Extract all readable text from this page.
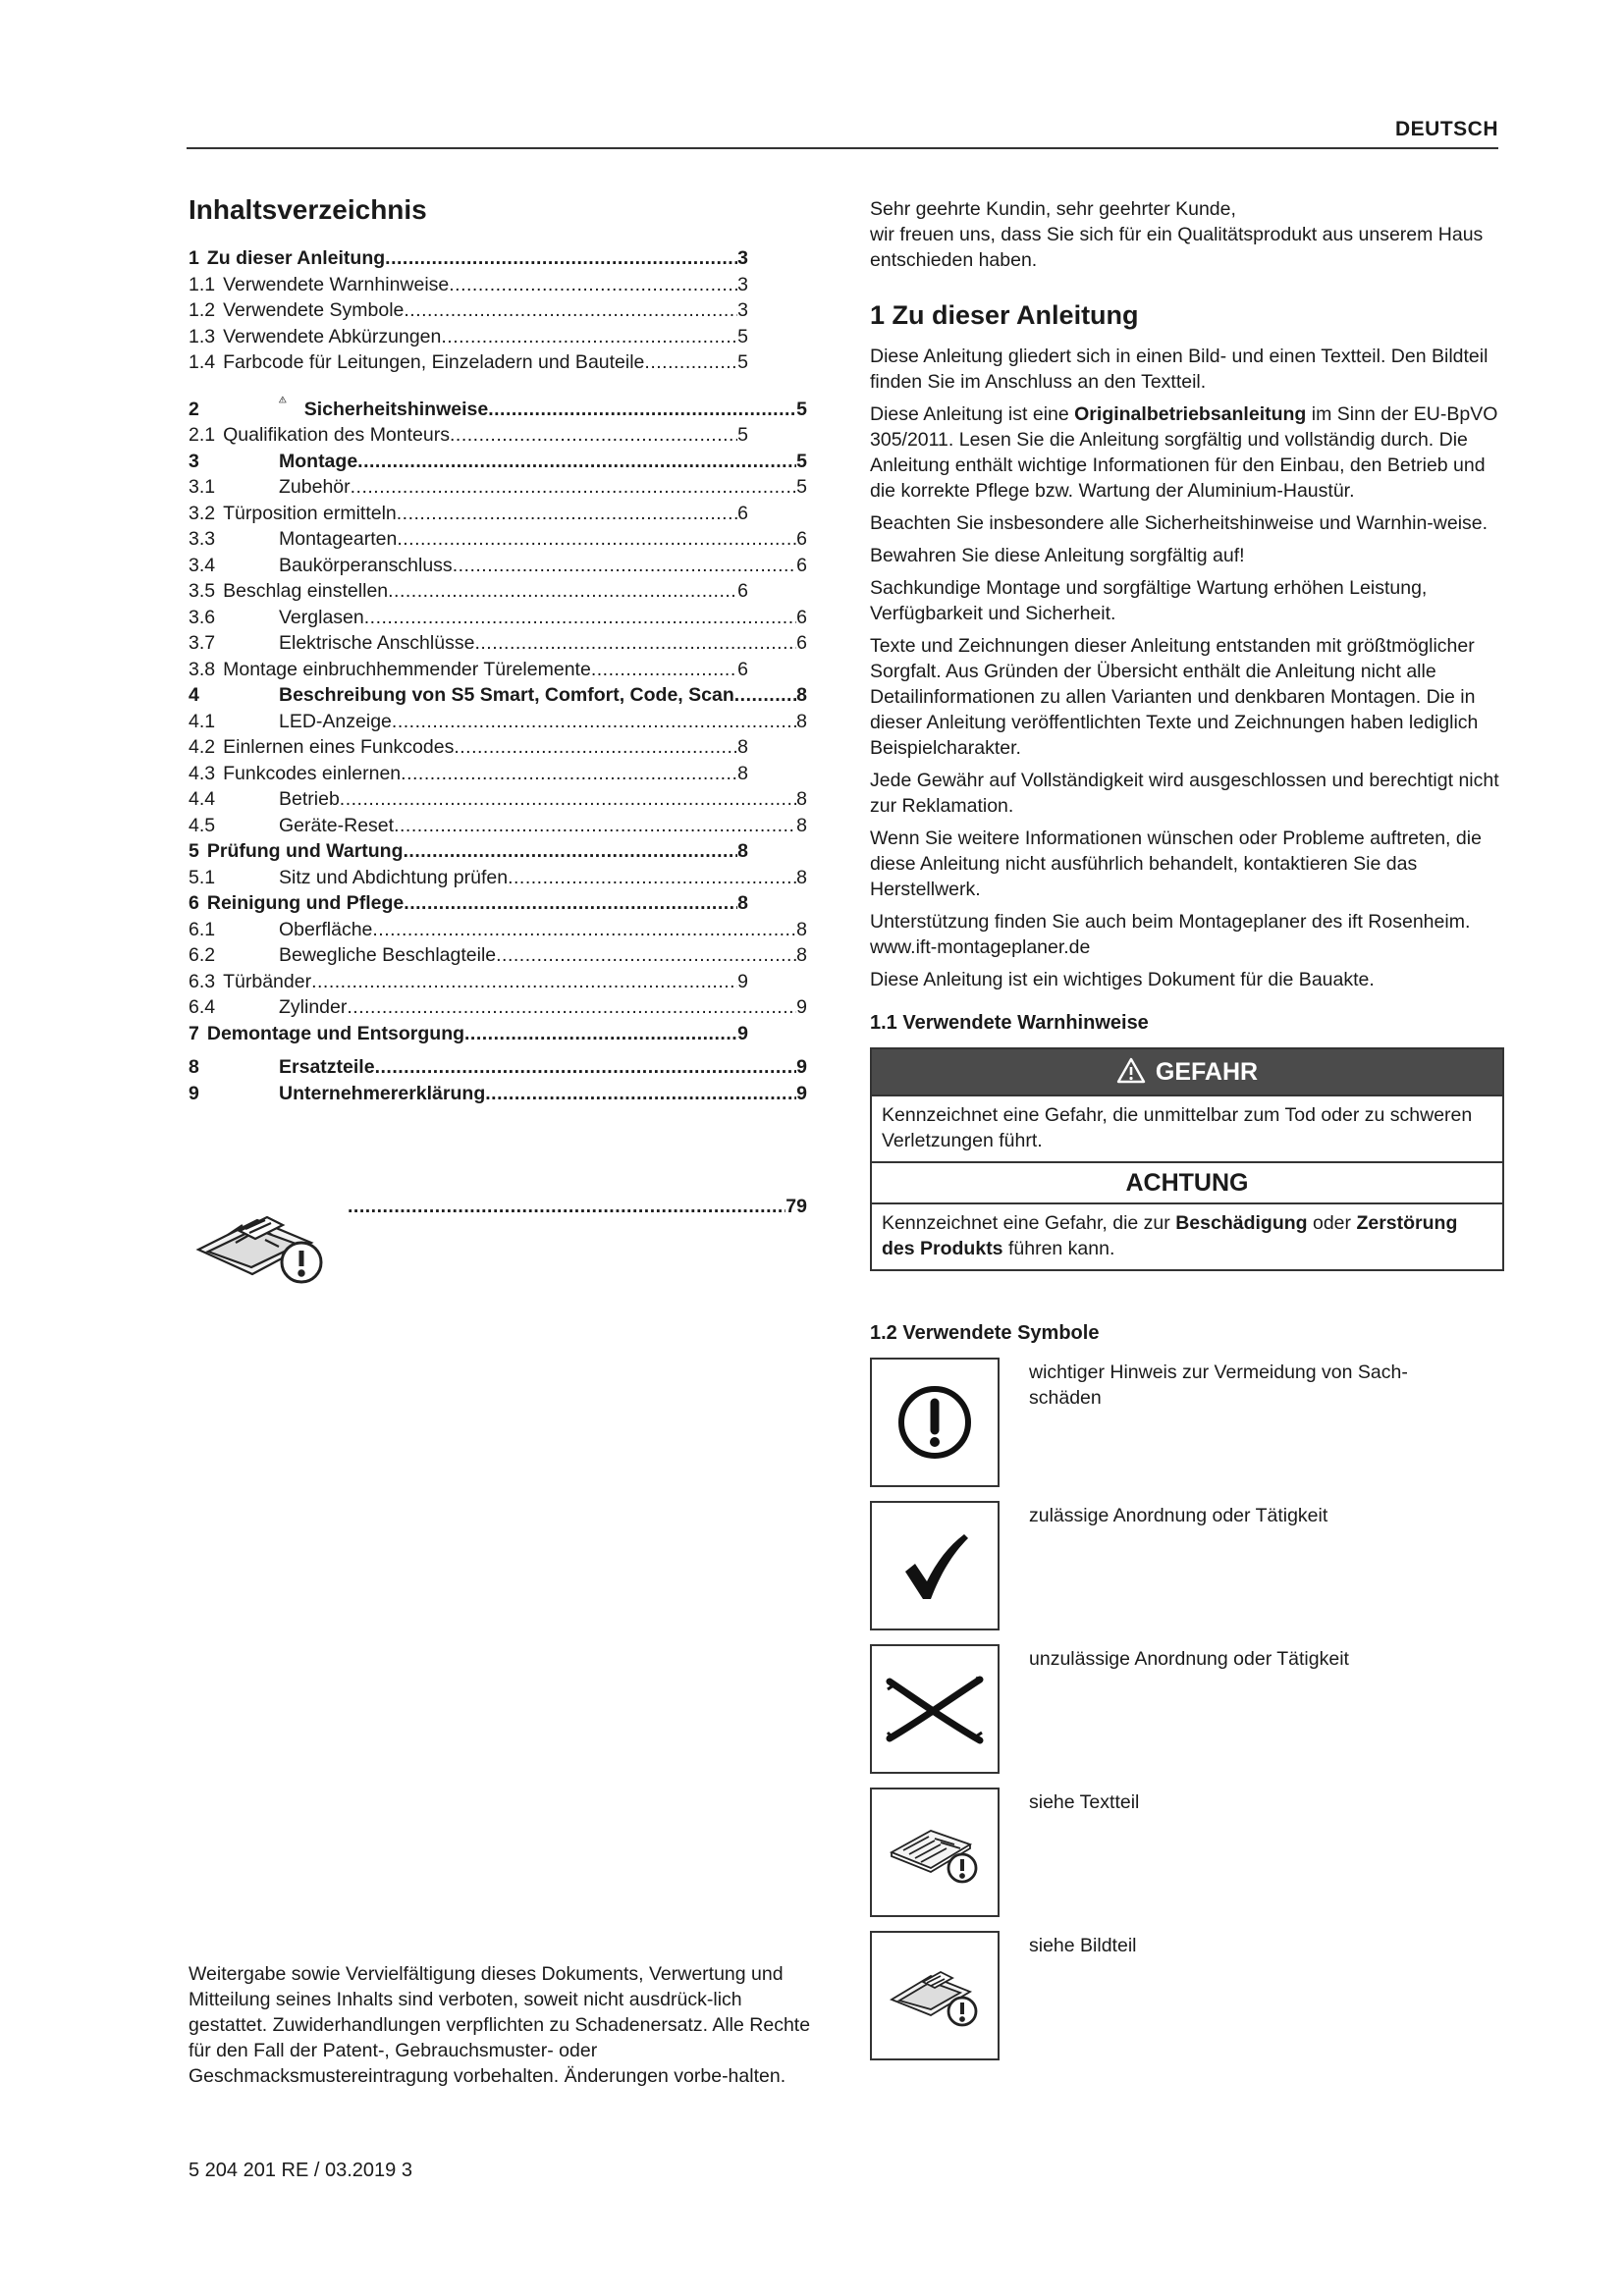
DEUTSCH
Inhaltsverzeichnis
1 Zu dieser Anleitung .....	3
1.1 Verwendete Warnhinweise .....	3
1.2 Verwendete Symbole .....	3
1.3 Verwendete Abkürzungen .....	5
1.4 Farbcode für Leitungen, Einzeladern und Bauteile .....	5
2	Sicherheitshinweise .....	5
2.1 Qualifikation des Monteurs .....	5
3	Montage .....	5
3.1	Zubehör .....	5
3.2 Türposition ermitteln .....	6
3.3	Montagearten .....	6
3.4	Baukörperanschluss .....	6
3.5 Beschlag einstellen .....	6
3.6	Verglasen .....	6
3.7	Elektrische Anschlüsse .....	6
3.8 Montage einbruchhemmender Türelemente .....	6
4	Beschreibung von S5 Smart, Comfort, Code, Scan .....	8
4.1	LED-Anzeige .....	8
4.2 Einlernen eines Funkcodes .....	8
4.3 Funkcodes einlernen .....	8
4.4	Betrieb .....	8
4.5	Geräte-Reset .....	8
5 Prüfung und Wartung .....	8
5.1	Sitz und Abdichtung prüfen .....	8
6 Reinigung und Pflege .....	8
6.1	Oberfläche .....	8
6.2	Bewegliche Beschlagteile .....	8
6.3 Türbänder .....	9
6.4	Zylinder .....	9
7 Demontage und Entsorgung .....	9
8	Ersatzteile .....	9
9	Unternehmererklärung .....	9
.....
79
Weitergabe sowie Vervielfältigung dieses Dokuments, Verwertung und Mitteilung seines Inhalts sind verboten, soweit nicht ausdrück-lich gestattet. Zuwiderhandlungen verpflichten zu Schadenersatz. Alle Rechte für den Fall der Patent-, Gebrauchsmuster- oder Geschmacksmustereintragung vorbehalten. Änderungen vorbe-halten.
5 204 201 RE / 03.2019 3

Sehr geehrte Kundin, sehr geehrter Kunde,
wir freuen uns, dass Sie sich für ein Qualitätsprodukt aus unserem Haus entschieden haben.

1 Zu dieser Anleitung

Diese Anleitung gliedert sich in einen Bild- und einen Textteil. Den Bildteil finden Sie im Anschluss an den Textteil.

Diese Anleitung ist eine Originalbetriebsanleitung im Sinn der EU-BpVO 305/2011. Lesen Sie die Anleitung sorgfältig und vollständig durch. Die Anleitung enthält wichtige Informationen für den Einbau, den Betrieb und die korrekte Pflege bzw. Wartung der Aluminium-Haustür.

Beachten Sie insbesondere alle Sicherheitshinweise und Warnhin-weise.

Bewahren Sie diese Anleitung sorgfältig auf!

Sachkundige Montage und sorgfältige Wartung erhöhen Leistung, Verfügbarkeit und Sicherheit.

Texte und Zeichnungen dieser Anleitung entstanden mit größtmöglicher Sorgfalt. Aus Gründen der Übersicht enthält die Anleitung nicht alle Detailinformationen zu allen Varianten und denkbaren Montagen. Die in dieser Anleitung veröffentlichten Texte und Zeichnungen haben lediglich Beispielcharakter.

Jede Gewähr auf Vollständigkeit wird ausgeschlossen und berechtigt nicht zur Reklamation.

Wenn Sie weitere Informationen wünschen oder Probleme auftreten, die diese Anleitung nicht ausführlich behandelt, kontaktieren Sie das Herstellwerk.

Unterstützung finden Sie auch beim Montageplaner des ift Rosenheim. www.ift-montageplaner.de

Diese Anleitung ist ein wichtiges Dokument für die Bauakte.

1.1 Verwendete Warnhinweise
GEFAHR
Kennzeichnet eine Gefahr, die unmittelbar zum Tod oder zu schweren Verletzungen führt.
ACHTUNG
Kennzeichnet eine Gefahr, die zur Beschädigung oder Zerstörung des Produkts führen kann.
1.2 Verwendete Symbole
wichtiger Hinweis zur Vermeidung von Sach-schäden
zulässige Anordnung oder Tätigkeit
unzulässige Anordnung oder Tätigkeit
siehe Textteil
siehe Bildteil
